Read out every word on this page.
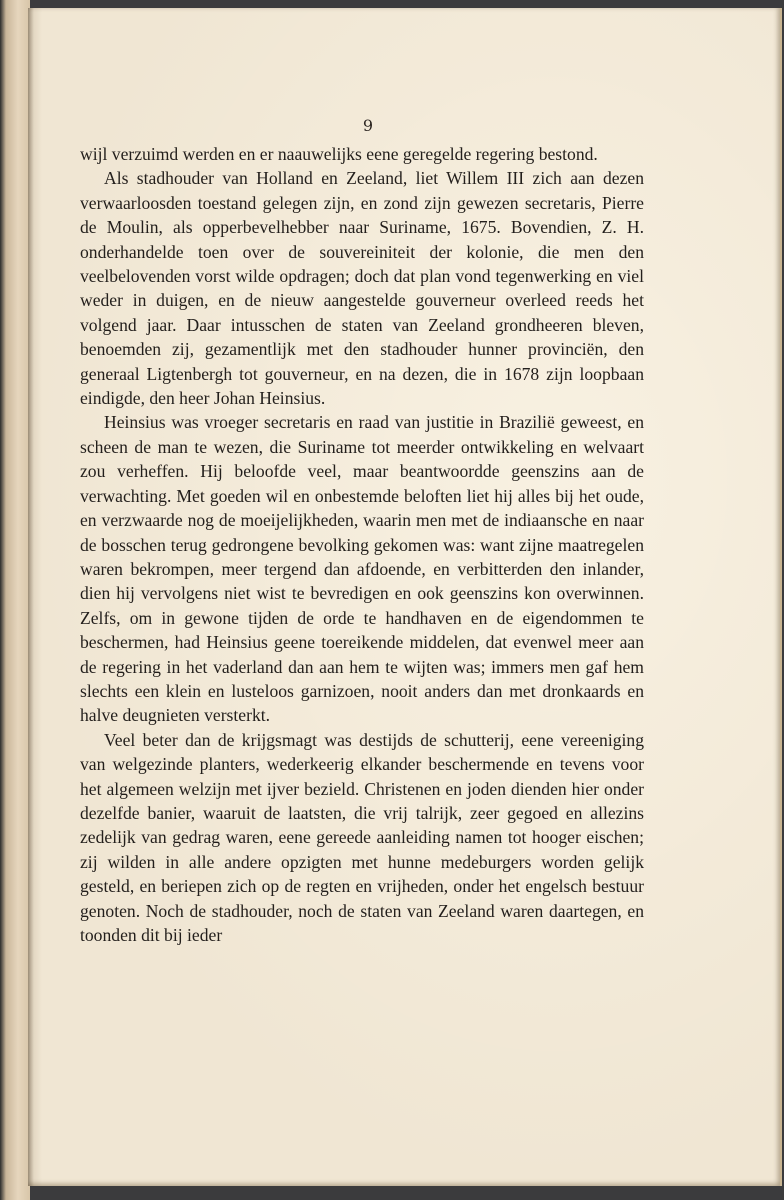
9

wijl verzuimd werden en er naauwelijks eene geregelde regering bestond.

Als stadhouder van Holland en Zeeland, liet Willem III zich aan dezen verwaarloosden toestand gelegen zijn, en zond zijn gewezen secretaris, Pierre de Moulin, als opperbevelhebber naar Suriname, 1675. Bovendien, Z. H. onderhandelde toen over de souvereiniteit der kolonie, die men den veelbelovenden vorst wilde opdragen; doch dat plan vond tegenwerking en viel weder in duigen, en de nieuw aangestelde gouverneur overleed reeds het volgend jaar. Daar intusschen de staten van Zeeland grondheeren bleven, benoemden zij, gezamentlijk met den stadhouder hunner provinciën, den generaal Ligtenbergh tot gouverneur, en na dezen, die in 1678 zijn loopbaan eindigde, den heer Johan Heinsius.

Heinsius was vroeger secretaris en raad van justitie in Brazilië geweest, en scheen de man te wezen, die Suriname tot meerder ontwikkeling en welvaart zou verheffen. Hij beloofde veel, maar beantwoordde geenszins aan de verwachting. Met goeden wil en onbestemde beloften liet hij alles bij het oude, en verzwaarde nog de moeijelijkheden, waarin men met de indiaansche en naar de bosschen terug gedrongene bevolking gekomen was: want zijne maatregelen waren bekrompen, meer tergend dan afdoende, en verbitterden den inlander, dien hij vervolgens niet wist te bevredigen en ook geenszins kon overwinnen. Zelfs, om in gewone tijden de orde te handhaven en de eigendommen te beschermen, had Heinsius geene toereikende middelen, dat evenwel meer aan de regering in het vaderland dan aan hem te wijten was; immers men gaf hem slechts een klein en lusteloos garnizoen, nooit anders dan met dronkaards en halve deugnieten versterkt.

Veel beter dan de krijgsmagt was destijds de schutterij, eene vereeniging van welgezinde planters, wederkeerig elkander beschermende en tevens voor het algemeen welzijn met ijver bezield. Christenen en joden dienden hier onder dezelfde banier, waaruit de laatsten, die vrij talrijk, zeer gegoed en allezins zedelijk van gedrag waren, eene gereede aanleiding namen tot hooger eischen; zij wilden in alle andere opzigten met hunne medeburgers worden gelijk gesteld, en beriepen zich op de regten en vrijheden, onder het engelsch bestuur genoten. Noch de stadhouder, noch de staten van Zeeland waren daartegen, en toonden dit bij ieder
